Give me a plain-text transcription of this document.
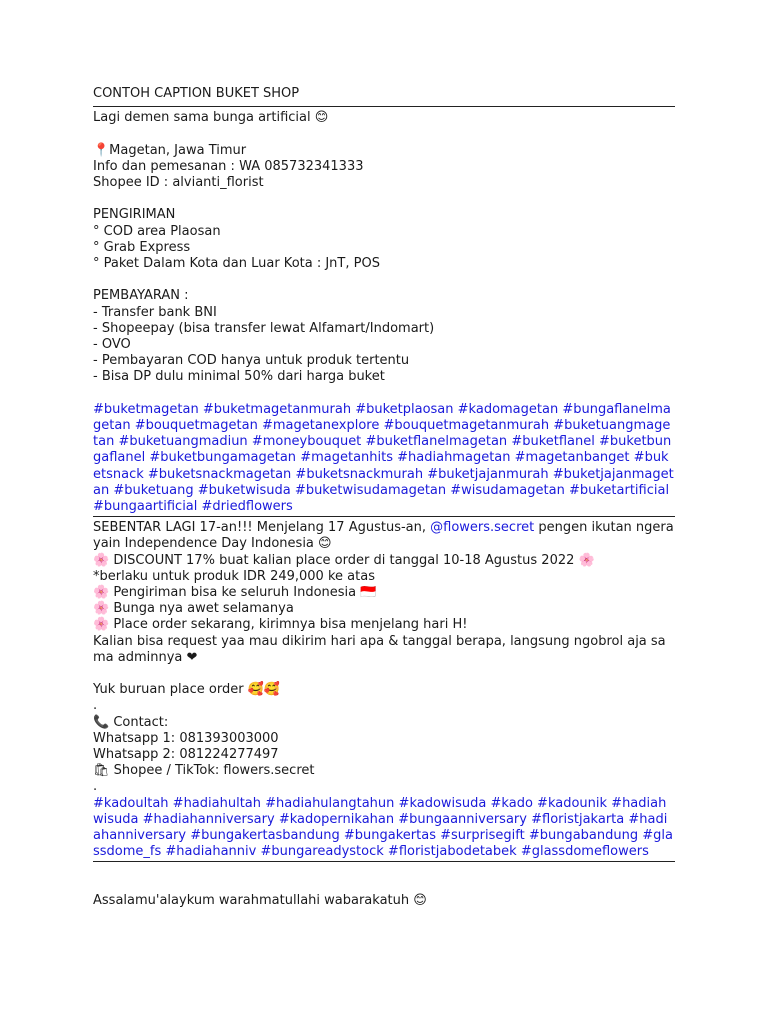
CONTOH CAPTION BUKET SHOP
Lagi demen sama bunga artificial 😊
📍Magetan, Jawa Timur
Info dan pemesanan : WA 085732341333
Shopee ID : alvianti_florist
PENGIRIMAN
° COD area Plaosan
° Grab Express
° Paket Dalam Kota dan Luar Kota : JnT, POS
PEMBAYARAN :
- Transfer bank BNI
- Shopeepay (bisa transfer lewat Alfamart/Indomart)
- OVO
- Pembayaran COD hanya untuk produk tertentu
- Bisa DP dulu minimal 50% dari harga buket
#buketmagetan #buketmagetanmurah #buketplaosan #kadomagetan #bungaflanelmagetan #bouquetmagetan #magetanexplore #bouquetmagetanmurah #buketuangmagetan #buketuangmadiun #moneybouquet #buketflanelmagetan #buketflanel #buketbungaflanel #buketbungamagetan #magetanhits #hadiahmagetan #magetanbanget #buketsnack #buketsnackmagetan #buketsnackmurah #buketjajanmurah #buketjajanmagetan #buketuang #buketwisuda #buketwisudamagetan #wisudamagetan #buketartificial #bungaartificial #driedflowers
SEBENTAR LAGI 17-an!!! Menjelang 17 Agustus-an, @flowers.secret pengen ikutan ngerayain Independence Day Indonesia 😊
🌸 DISCOUNT 17% buat kalian place order di tanggal 10-18 Agustus 2022 🌸
*berlaku untuk produk IDR 249,000 ke atas
🌸 Pengiriman bisa ke seluruh Indonesia 🇮🇩
🌸 Bunga nya awet selamanya
🌸 Place order sekarang, kirimnya bisa menjelang hari H!
Kalian bisa request yaa mau dikirim hari apa & tanggal berapa, langsung ngobrol aja sama adminnya ❤
Yuk buruan place order 🥰🥰
.
📞 Contact:
Whatsapp 1: 081393003000
Whatsapp 2: 081224277497
🛍 Shopee / TikTok: flowers.secret
.
#kadoultah #hadiahultah #hadiahulangtahun #kadowisuda #kado #kadounik #hadiahwisuda #hadiahanniversary #kadopernikahan #bungaanniversary #floristjakarta #hadiahanniversary #bungakertasbandung #bungakertas #surprisegift #bungabandung #glassdome_fs #hadiahanniv #bungareadystock #floristjabodetabek #glassdomeflowers
Assalamu'alaykum warahmatullahi wabarakatuh 😊
